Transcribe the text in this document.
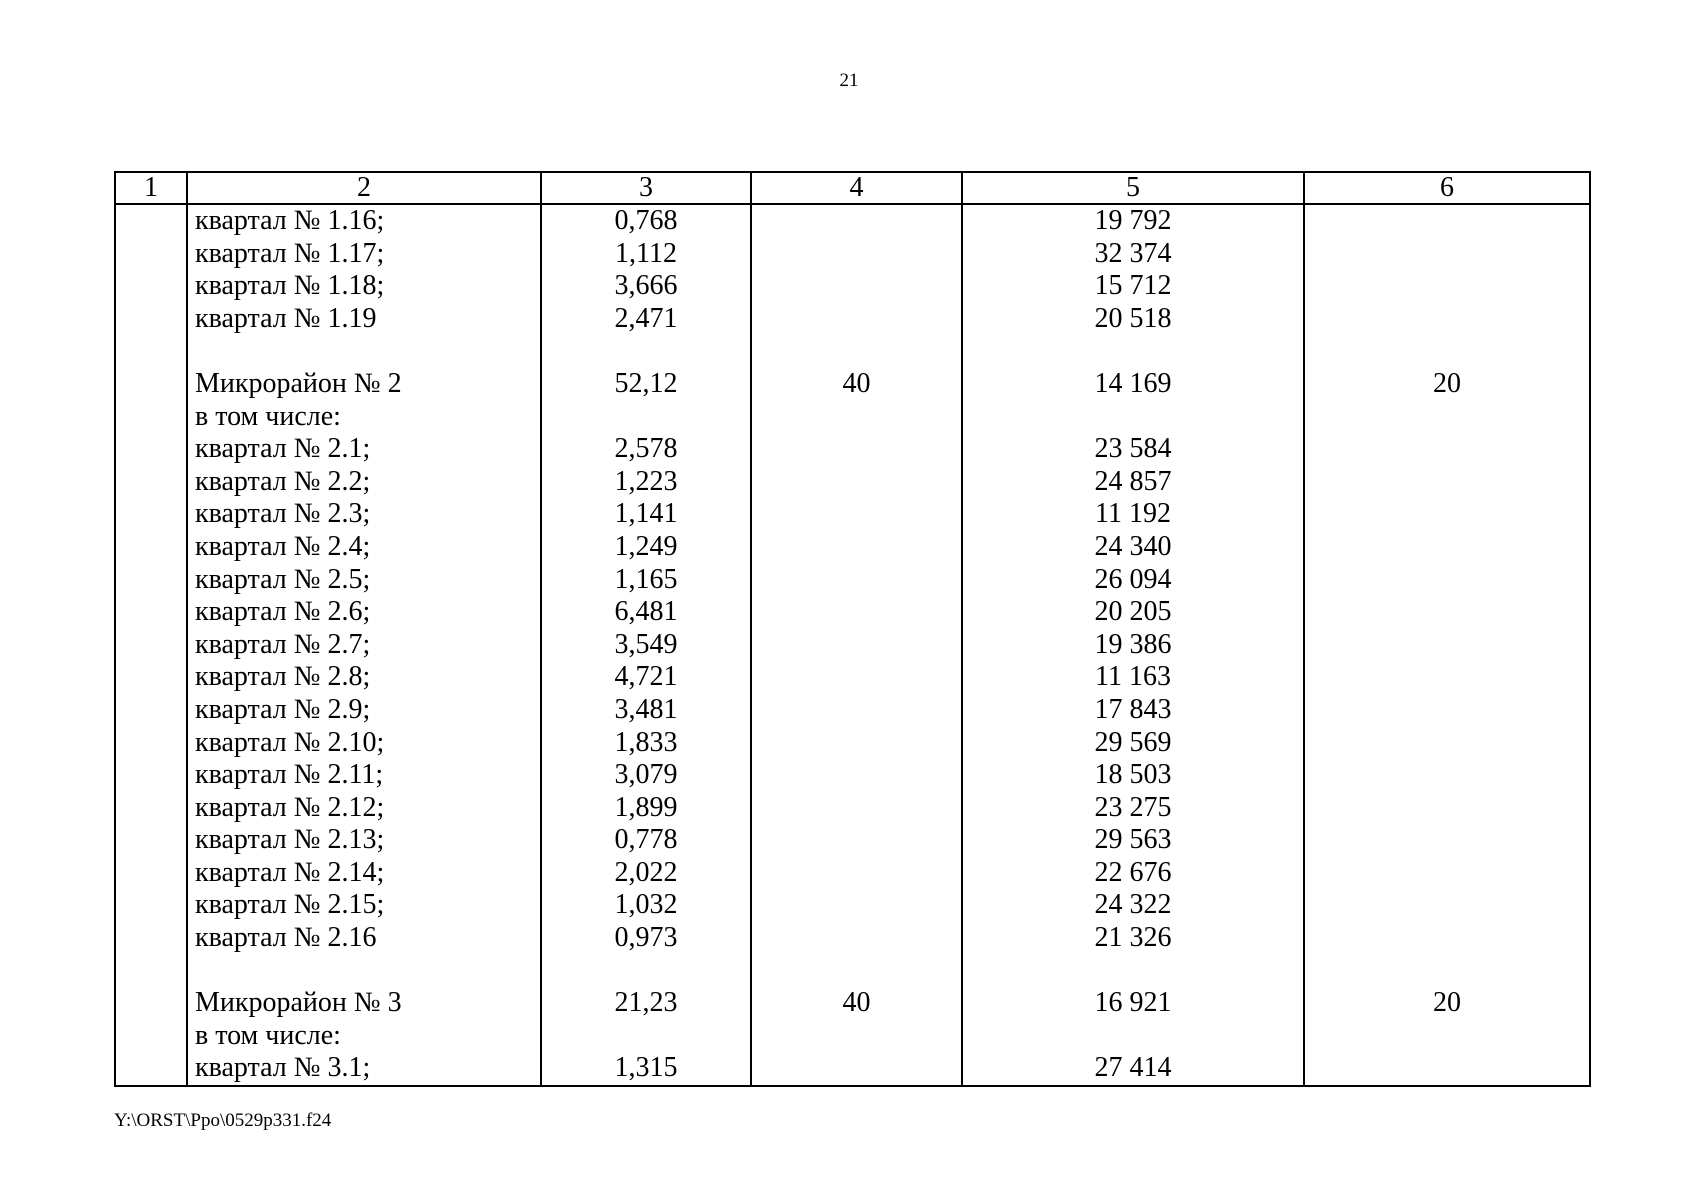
21
1	2	3	4	5	6
	квартал № 1.16;	0,768		19 792	
	квартал № 1.17;	1,112		32 374	
	квартал № 1.18;	3,666		15 712	
	квартал № 1.19	2,471		20 518	

	Микрорайон № 2	52,12	40	14 169	20
	в том числе:				
	квартал № 2.1;	2,578		23 584	
	квартал № 2.2;	1,223		24 857	
	квартал № 2.3;	1,141		11 192	
	квартал № 2.4;	1,249		24 340	
	квартал № 2.5;	1,165		26 094	
	квартал № 2.6;	6,481		20 205	
	квартал № 2.7;	3,549		19 386	
	квартал № 2.8;	4,721		11 163	
	квартал № 2.9;	3,481		17 843	
	квартал № 2.10;	1,833		29 569	
	квартал № 2.11;	3,079		18 503	
	квартал № 2.12;	1,899		23 275	
	квартал № 2.13;	0,778		29 563	
	квартал № 2.14;	2,022		22 676	
	квартал № 2.15;	1,032		24 322	
	квартал № 2.16	0,973		21 326	

	Микрорайон № 3	21,23	40	16 921	20
	в том числе:				
	квартал № 3.1;	1,315		27 414	
Y:\ORST\Ppo\0529p331.f24
